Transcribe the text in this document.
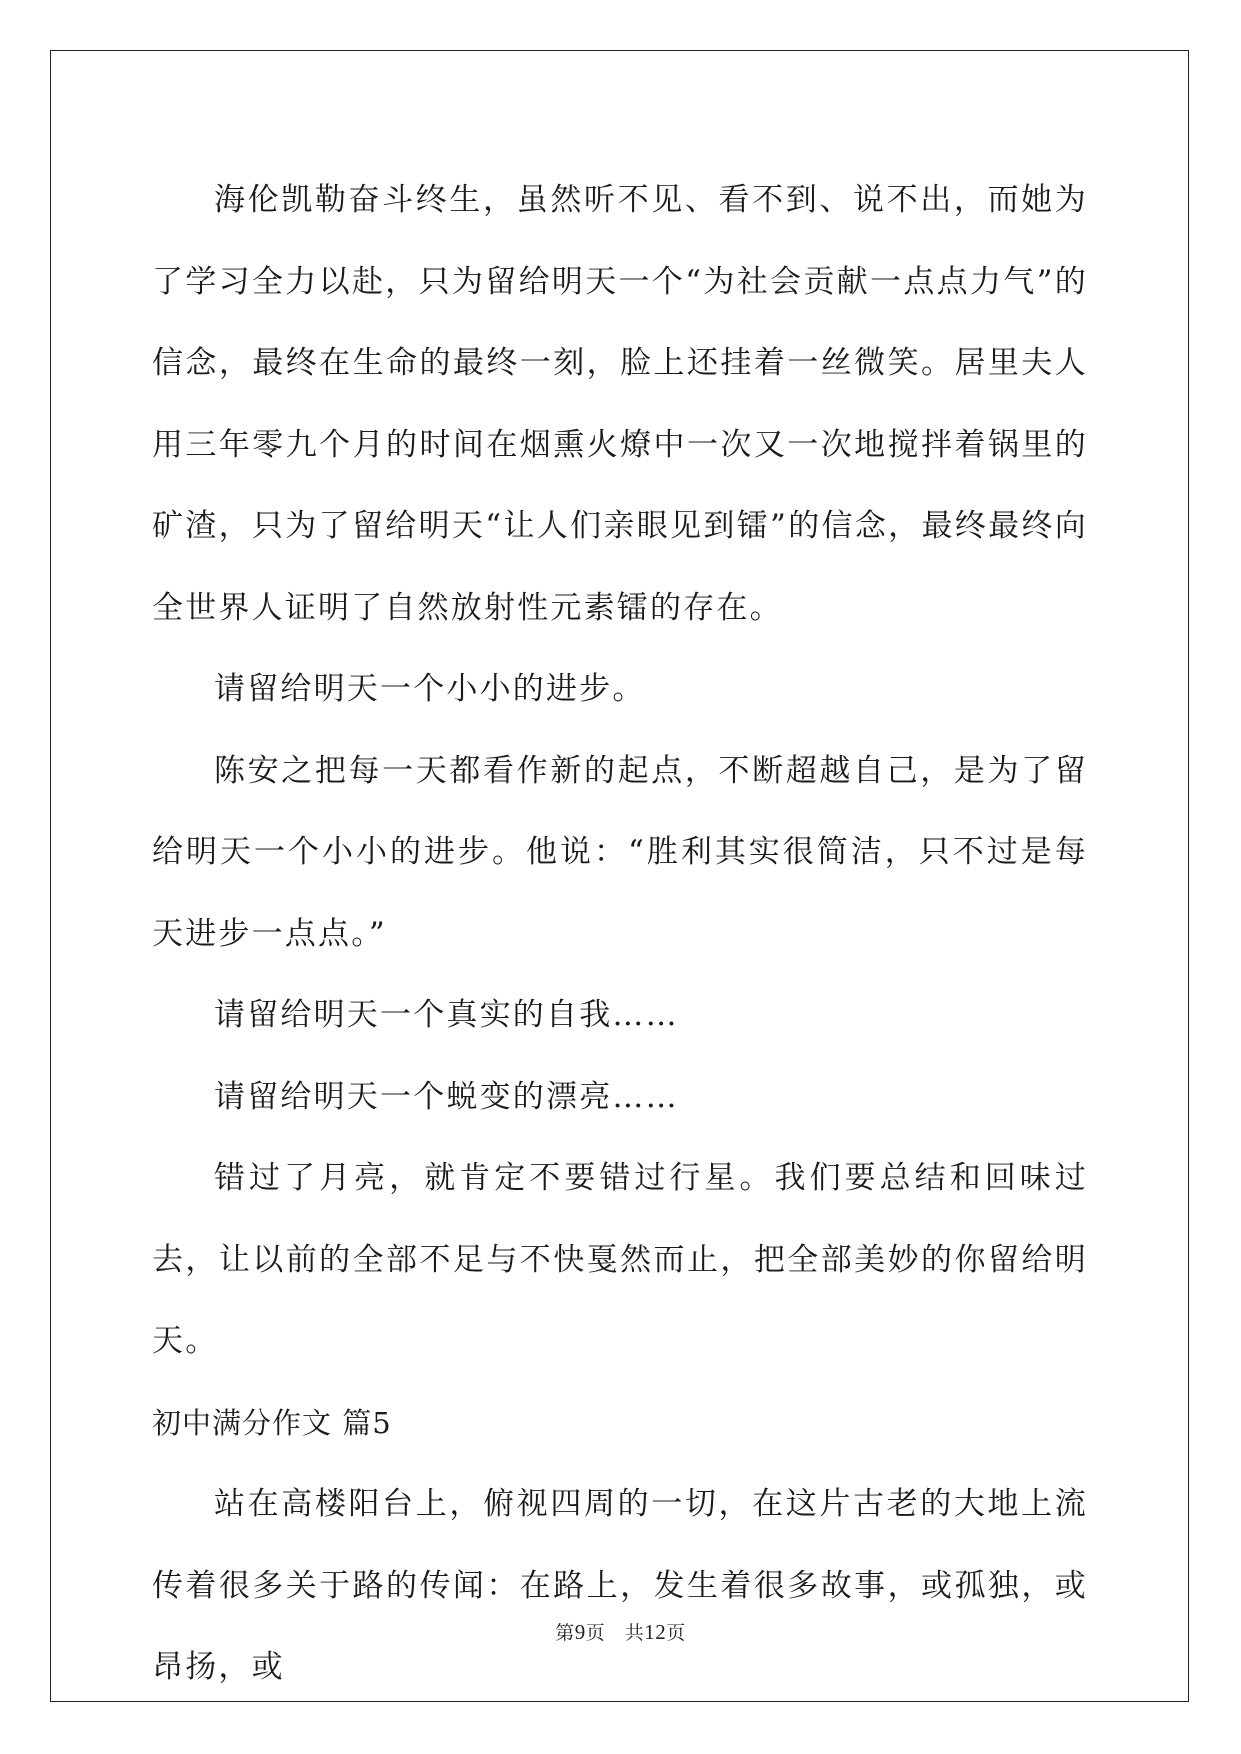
海伦凯勒奋斗终生，虽然听不见、看不到、说不出，而她为了学习全力以赴，只为留给明天一个“为社会贡献一点点力气”的信念，最终在生命的最终一刻，脸上还挂着一丝微笑。居里夫人用三年零九个月的时间在烟熏火燎中一次又一次地搅拌着锅里的矿渣，只为了留给明天“让人们亲眼见到镭”的信念，最终最终向全世界人证明了自然放射性元素镭的存在。

请留给明天一个小小的进步。

陈安之把每一天都看作新的起点，不断超越自己，是为了留给明天一个小小的进步。他说：“胜利其实很简洁，只不过是每天进步一点点。”

请留给明天一个真实的自我……

请留给明天一个蜕变的漂亮……

错过了月亮，就肯定不要错过行星。我们要总结和回味过去，让以前的全部不足与不快戛然而止，把全部美妙的你留给明天。

初中满分作文 篇5

站在高楼阳台上，俯视四周的一切，在这片古老的大地上流传着很多关于路的传闻：在路上，发生着很多故事，或孤独，或昂扬，或

第9页　共12页
